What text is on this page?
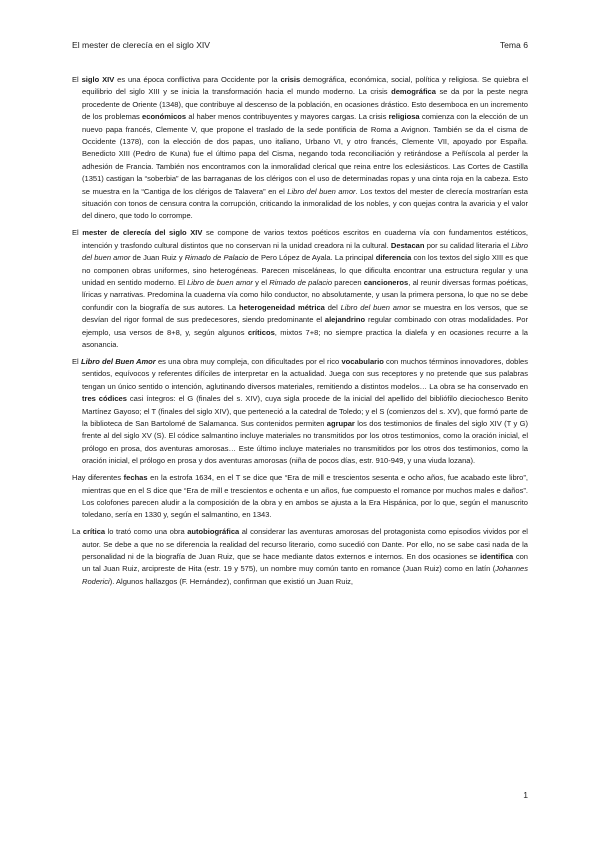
El mester de clerecía en el siglo XIV	Tema 6

El siglo XIV es una época conflictiva para Occidente por la crisis demográfica, económica, social, política y religiosa. Se quiebra el equilibrio del siglo XIII y se inicia la transformación hacia el mundo moderno. La crisis demográfica se da por la peste negra procedente de Oriente (1348), que contribuye al descenso de la población, en ocasiones drástico. Esto desemboca en un incremento de los problemas económicos al haber menos contribuyentes y mayores cargas. La crisis religiosa comienza con la elección de un nuevo papa francés, Clemente V, que propone el traslado de la sede pontificia de Roma a Avignon. También se da el cisma de Occidente (1378), con la elección de dos papas, uno italiano, Urbano VI, y otro francés, Clemente VII, apoyado por España. Benedicto XIII (Pedro de Kuna) fue el último papa del Cisma, negando toda reconciliación y retirándose a Peñíscola al perder la adhesión de Francia. También nos encontramos con la inmoralidad clerical que reina entre los eclesiásticos. Las Cortes de Castilla (1351) castigan la “soberbia” de las barraganas de los clérigos con el uso de determinadas ropas y una cinta roja en la cabeza. Esto se muestra en la “Cantiga de los clérigos de Talavera” en el Libro del buen amor. Los textos del mester de clerecía mostrarían esta situación con tonos de censura contra la corrupción, criticando la inmoralidad de los nobles, y con quejas contra la avaricia y el valor del dinero, que todo lo corrompe.

El mester de clerecía del siglo XIV se compone de varios textos poéticos escritos en cuaderna vía con fundamentos estéticos, intención y trasfondo cultural distintos que no conservan ni la unidad creadora ni la cultural. Destacan por su calidad literaria el Libro del buen amor de Juan Ruiz y Rimado de Palacio de Pero López de Ayala. La principal diferencia con los textos del siglo XIII es que no componen obras uniformes, sino heterogéneas. Parecen misceláneas, lo que dificulta encontrar una estructura regular y una unidad en sentido moderno. El Libro de buen amor y el Rimado de palacio parecen cancioneros, al reunir diversas formas poéticas, líricas y narrativas. Predomina la cuaderna vía como hilo conductor, no absolutamente, y usan la primera persona, lo que no se debe confundir con la biografía de sus autores. La heterogeneidad métrica del Libro del buen amor se muestra en los versos, que se desvían del rigor formal de sus predecesores, siendo predominante el alejandrino regular combinado con otras modalidades. Por ejemplo, usa versos de 8+8, y, según algunos críticos, mixtos 7+8; no siempre practica la dialefa y en ocasiones recurre a la asonancia.

El Libro del Buen Amor es una obra muy compleja, con dificultades por el rico vocabulario con muchos términos innovadores, dobles sentidos, equívocos y referentes difíciles de interpretar en la actualidad. Juega con sus receptores y no pretende que sus palabras tengan un único sentido o intención, aglutinando diversos materiales, remitiendo a distintos modelos… La obra se ha conservado en tres códices casi íntegros: el G (finales del s. XIV), cuya sigla procede de la inicial del apellido del bibliófilo dieciochesco Benito Martínez Gayoso; el T (finales del siglo XIV), que perteneció a la catedral de Toledo; y el S (comienzos del s. XV), que formó parte de la biblioteca de San Bartolomé de Salamanca. Sus contenidos permiten agrupar los dos testimonios de finales del siglo XIV (T y G) frente al del siglo XV (S). El códice salmantino incluye materiales no transmitidos por los otros testimonios, como la oración inicial, el prólogo en prosa, dos aventuras amorosas… Este último incluye materiales no transmitidos por los otros dos testimonios, como la oración inicial, el prólogo en prosa y dos aventuras amorosas (niña de pocos días, estr. 910-949, y una viuda lozana).

Hay diferentes fechas en la estrofa 1634, en el T se dice que “Era de mill e trescientos sesenta e ocho años, fue acabado este libro”, mientras que en el S dice que “Era de mill e trescientos e ochenta e un años, fue compuesto el romance por muchos males e daños”. Los colofones parecen aludir a la composición de la obra y en ambos se ajusta a la Era Hispánica, por lo que, según el manuscrito toledano, sería en 1330 y, según el salmantino, en 1343.

La crítica lo trató como una obra autobiográfica al considerar las aventuras amorosas del protagonista como episodios vividos por el autor. Se debe a que no se diferencia la realidad del recurso literario, como sucedió con Dante. Por ello, no se sabe casi nada de la personalidad ni de la biografía de Juan Ruiz, que se hace mediante datos externos e internos. En dos ocasiones se identifica con un tal Juan Ruiz, arcipreste de Hita (estr. 19 y 575), un nombre muy común tanto en romance (Juan Ruiz) como en latín (Johannes Roderici). Algunos hallazgos (F. Hernández), confirman que existió un Juan Ruiz,

1
